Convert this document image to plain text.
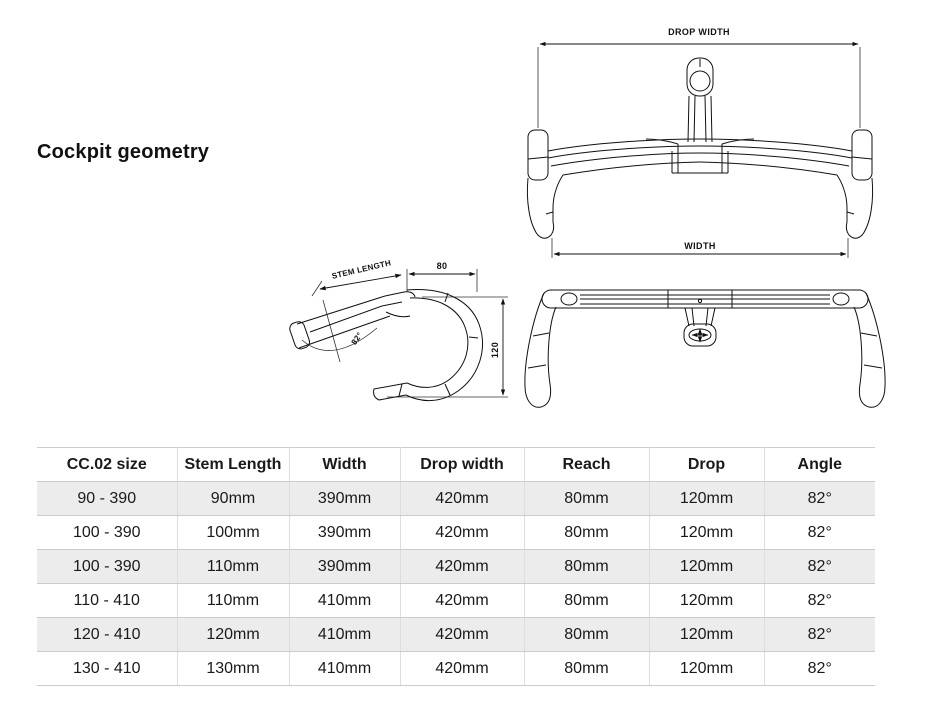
Cockpit geometry
DROP WIDTH
WIDTH
STEM LENGTH	80
120
82°
CC.02 size	Stem Length	Width	Drop width	Reach	Drop	Angle
90 - 390	90mm	390mm	420mm	80mm	120mm	82°
100 - 390	100mm	390mm	420mm	80mm	120mm	82°
100 - 390	110mm	390mm	420mm	80mm	120mm	82°
110 - 410	110mm	410mm	420mm	80mm	120mm	82°
120 - 410	120mm	410mm	420mm	80mm	120mm	82°
130 - 410	130mm	410mm	420mm	80mm	120mm	82°
